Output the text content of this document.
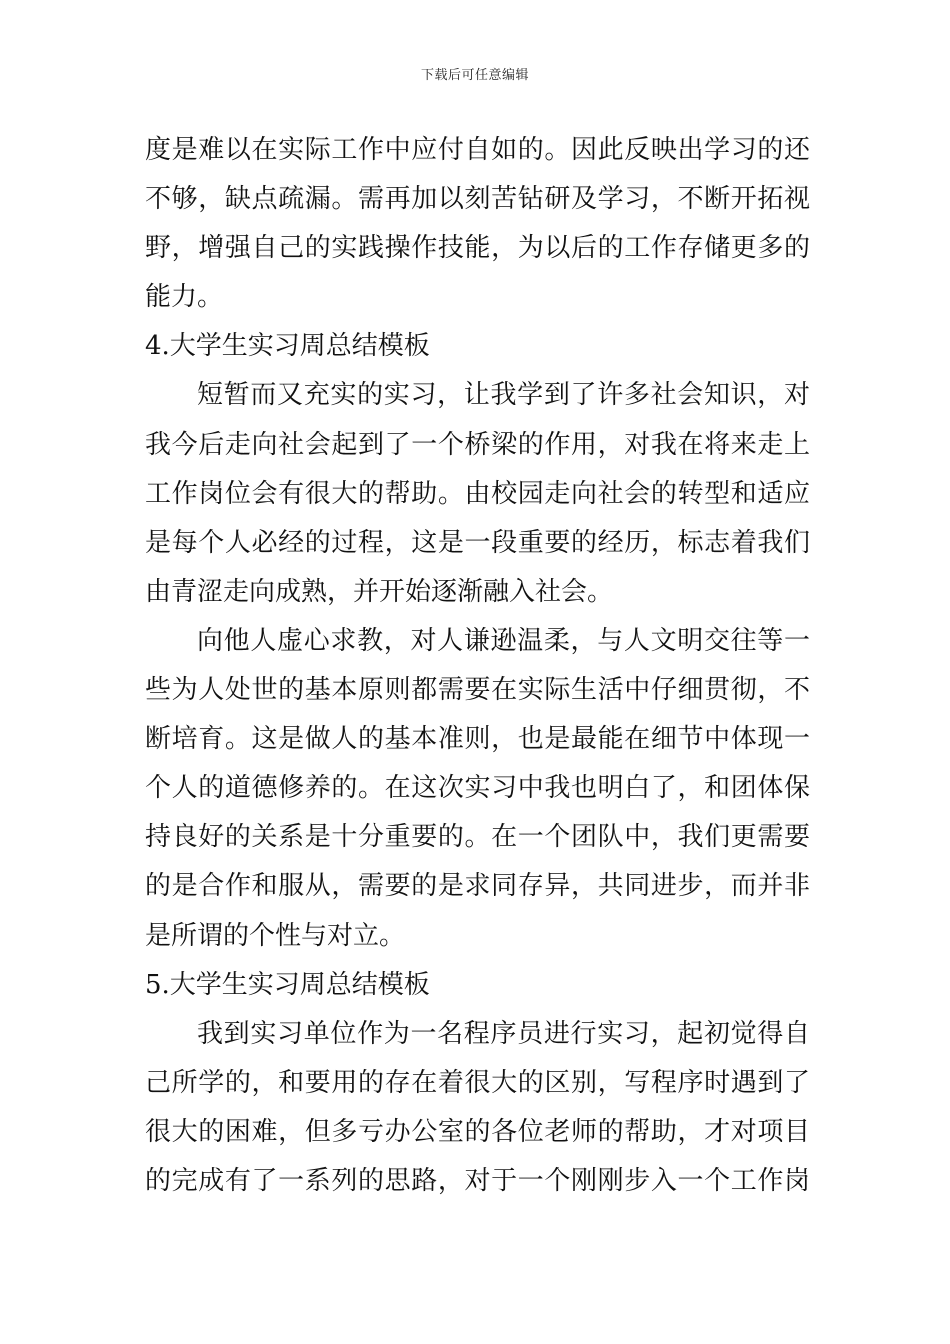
下载后可任意编辑
度是难以在实际工作中应付自如的。因此反映出学习的还
不够，缺点疏漏。需再加以刻苦钻研及学习，不断开拓视
野，增强自己的实践操作技能，为以后的工作存储更多的
能力。
4.大学生实习周总结模板
短暂而又充实的实习，让我学到了许多社会知识，对
我今后走向社会起到了一个桥梁的作用，对我在将来走上
工作岗位会有很大的帮助。由校园走向社会的转型和适应
是每个人必经的过程，这是一段重要的经历，标志着我们
由青涩走向成熟，并开始逐渐融入社会。
向他人虚心求教，对人谦逊温柔，与人文明交往等一
些为人处世的基本原则都需要在实际生活中仔细贯彻，不
断培育。这是做人的基本准则，也是最能在细节中体现一
个人的道德修养的。在这次实习中我也明白了，和团体保
持良好的关系是十分重要的。在一个团队中，我们更需要
的是合作和服从，需要的是求同存异，共同进步，而并非
是所谓的个性与对立。
5.大学生实习周总结模板
我到实习单位作为一名程序员进行实习，起初觉得自
己所学的，和要用的存在着很大的区别，写程序时遇到了
很大的困难，但多亏办公室的各位老师的帮助，才对项目
的完成有了一系列的思路，对于一个刚刚步入一个工作岗
